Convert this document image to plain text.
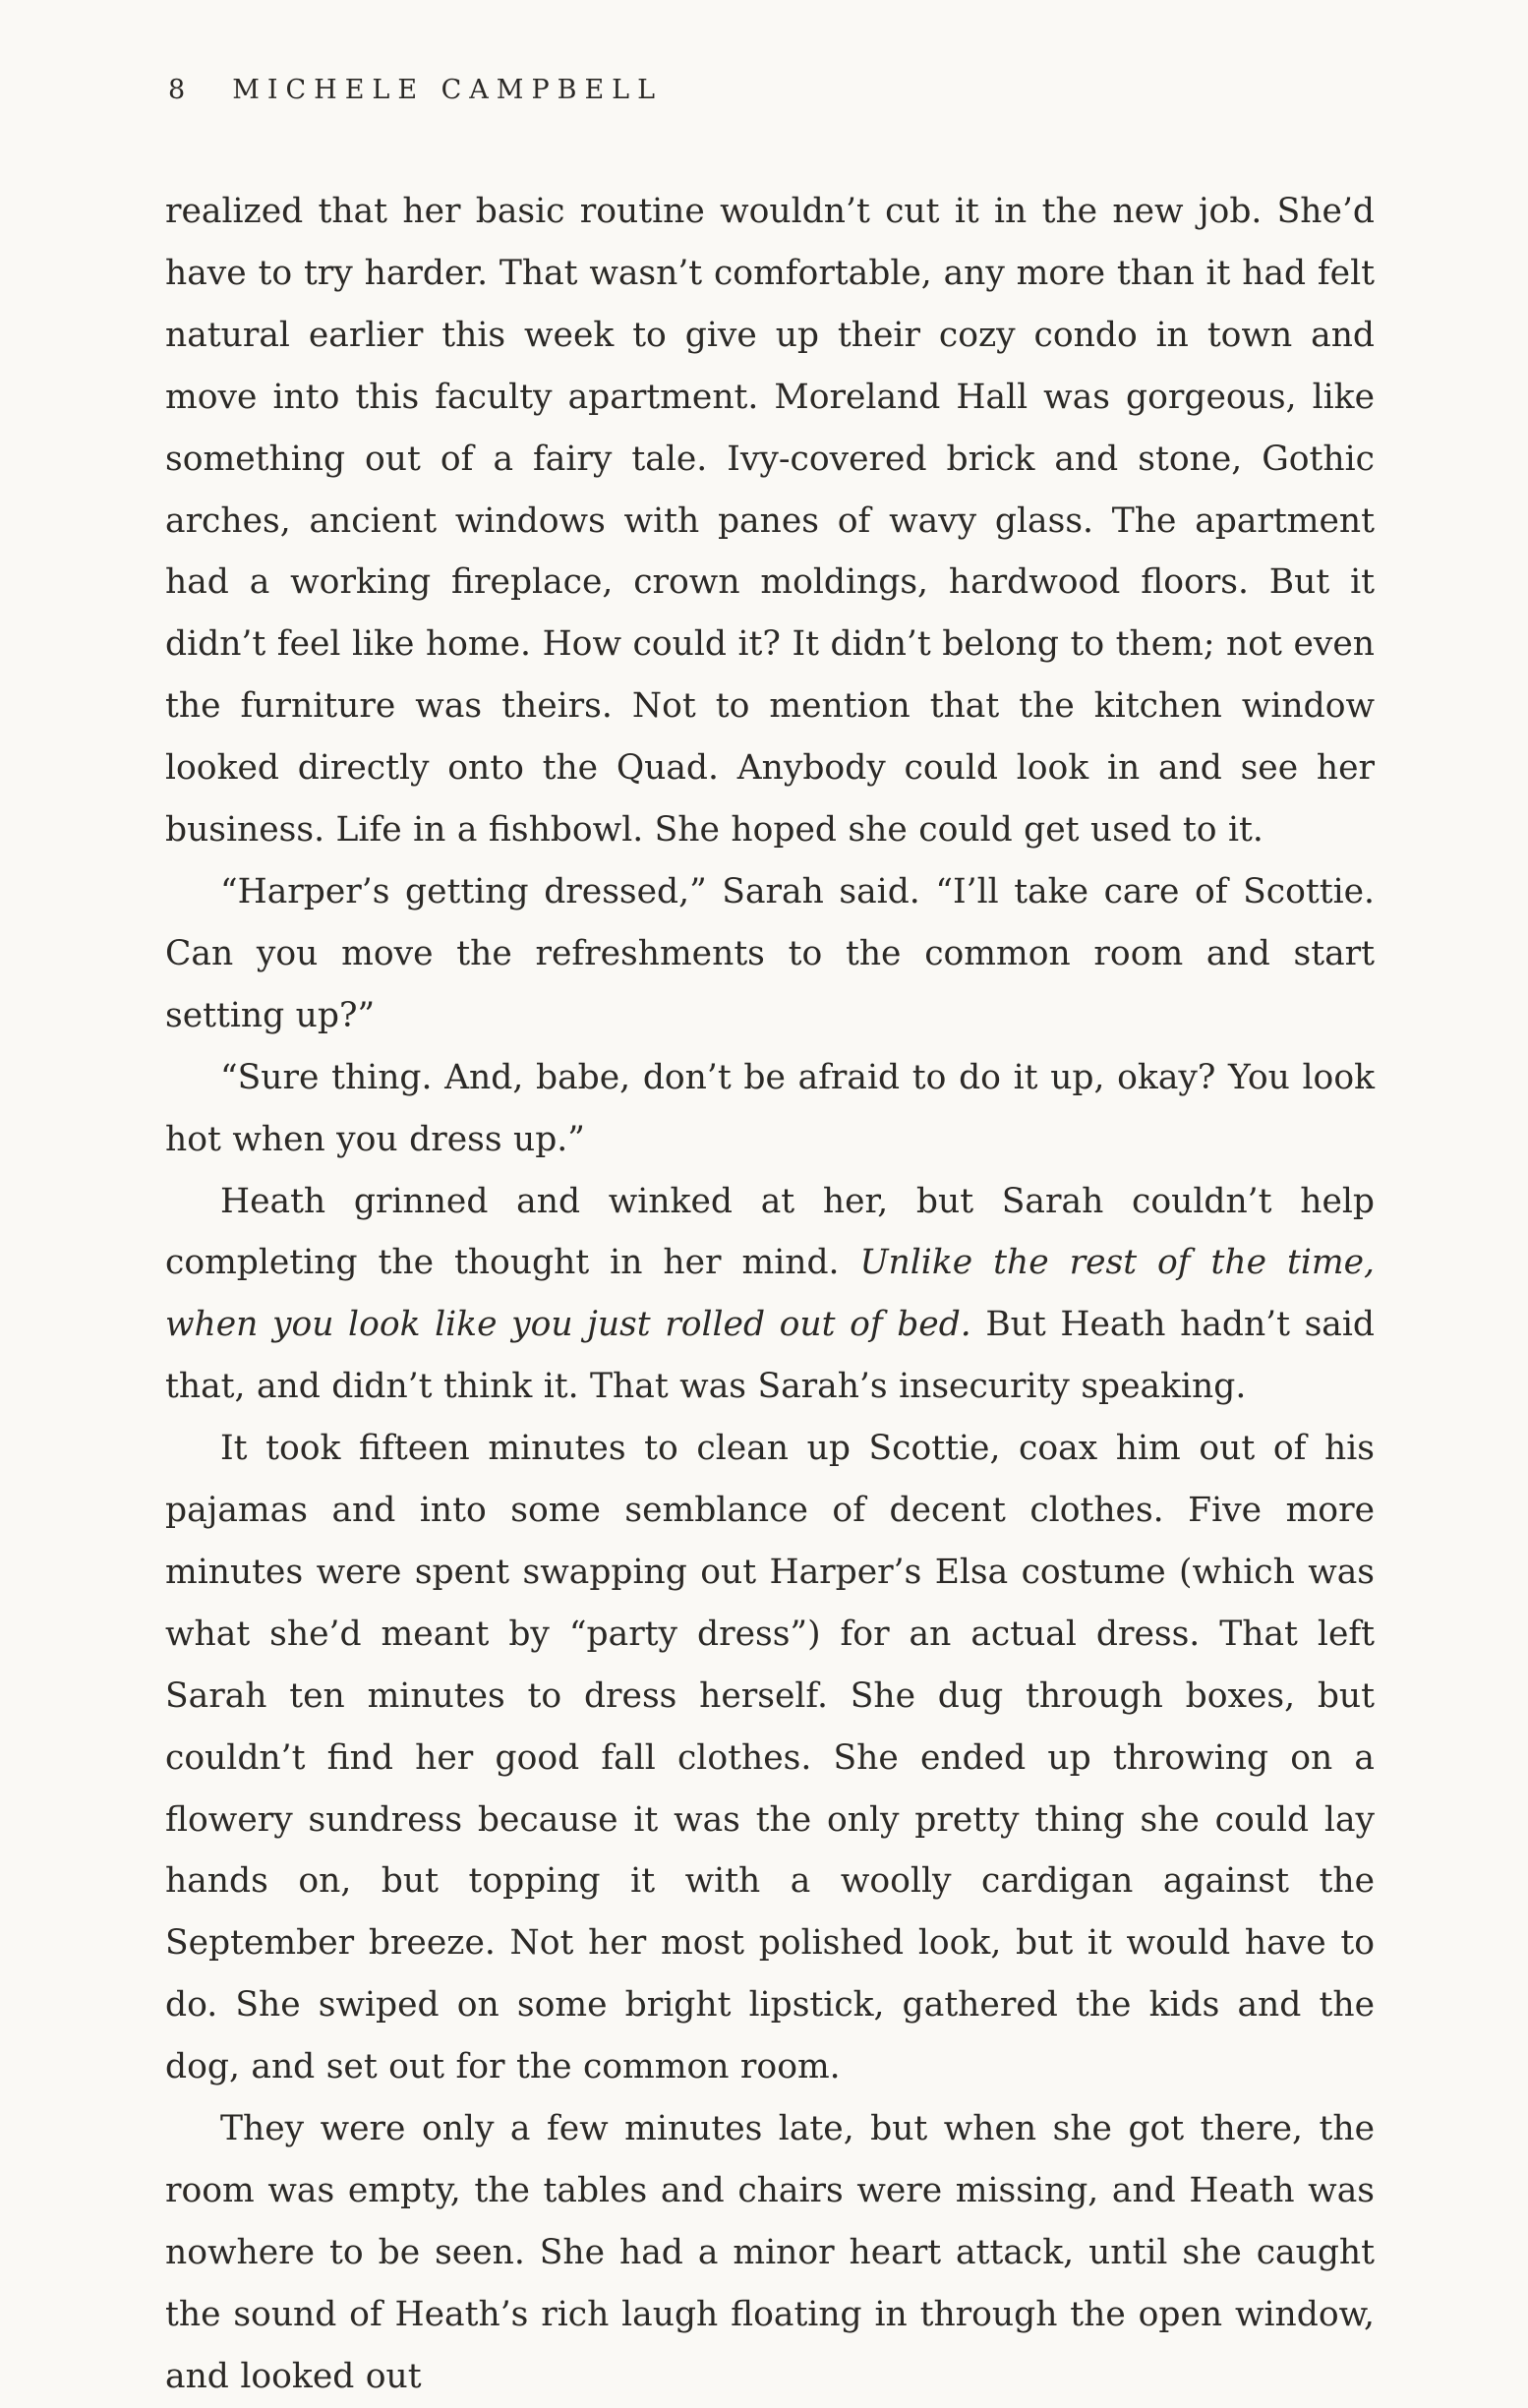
8 MICHELE CAMPBELL

realized that her basic routine wouldn’t cut it in the new job. She’d have to try harder. That wasn’t comfortable, any more than it had felt natural earlier this week to give up their cozy condo in town and move into this faculty apartment. Moreland Hall was gorgeous, like something out of a fairy tale. Ivy-covered brick and stone, Gothic arches, ancient windows with panes of wavy glass. The apartment had a working fireplace, crown moldings, hardwood floors. But it didn’t feel like home. How could it? It didn’t belong to them; not even the furniture was theirs. Not to mention that the kitchen window looked directly onto the Quad. Anybody could look in and see her business. Life in a fishbowl. She hoped she could get used to it.

“Harper’s getting dressed,” Sarah said. “I’ll take care of Scottie. Can you move the refreshments to the common room and start setting up?”

“Sure thing. And, babe, don’t be afraid to do it up, okay? You look hot when you dress up.”

Heath grinned and winked at her, but Sarah couldn’t help completing the thought in her mind. Unlike the rest of the time, when you look like you just rolled out of bed. But Heath hadn’t said that, and didn’t think it. That was Sarah’s insecurity speaking.

It took fifteen minutes to clean up Scottie, coax him out of his pajamas and into some semblance of decent clothes. Five more minutes were spent swapping out Harper’s Elsa costume (which was what she’d meant by “party dress”) for an actual dress. That left Sarah ten minutes to dress herself. She dug through boxes, but couldn’t find her good fall clothes. She ended up throwing on a flowery sundress because it was the only pretty thing she could lay hands on, but topping it with a woolly cardigan against the September breeze. Not her most polished look, but it would have to do. She swiped on some bright lipstick, gathered the kids and the dog, and set out for the common room.

They were only a few minutes late, but when she got there, the room was empty, the tables and chairs were missing, and Heath was nowhere to be seen. She had a minor heart attack, until she caught the sound of Heath’s rich laugh floating in through the open window, and looked out
